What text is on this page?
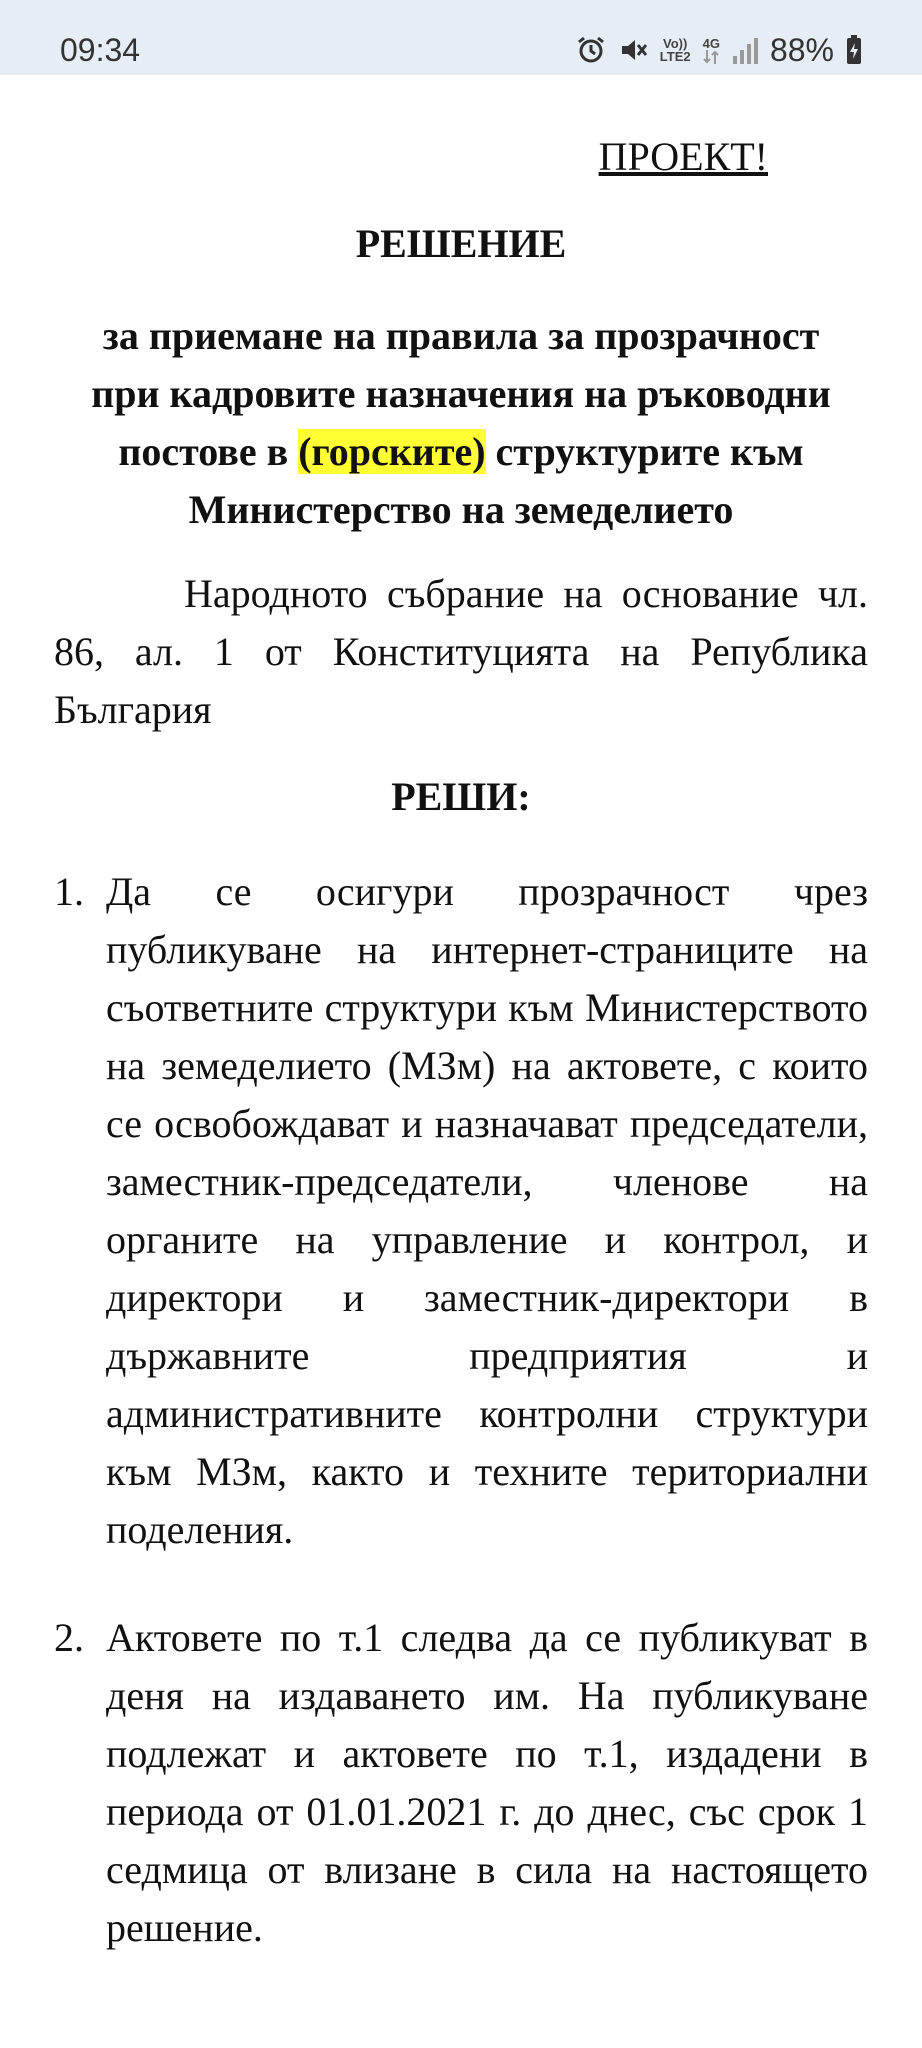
09:34	Vo))
LTE2
4G 88%
ПРОЕКТ!
РЕШЕНИЕ
за приемане на правила за прозрачност при кадровите назначения на ръководни постове в (горските) структурите към Министерство на земеделието
Народното събрание на основание чл. 86, ал. 1 от Конституцията на Република България
РЕШИ:
1. Да се осигури прозрачност чрез публикуване на интернет-страниците на съответните структури към Министерството на земеделието (МЗм) на актовете, с които се освобождават и назначават председатели, заместник-председатели, членове на органите на управление и контрол, и директори и заместник-директори в държавните предприятия и административните контролни структури към МЗм, както и техните териториални поделения.
2. Актовете по т.1 следва да се публикуват в деня на издаването им. На публикуване подлежат и актовете по т.1, издадени в периода от 01.01.2021 г. до днес, със срок 1 седмица от влизане в сила на настоящето решение.
